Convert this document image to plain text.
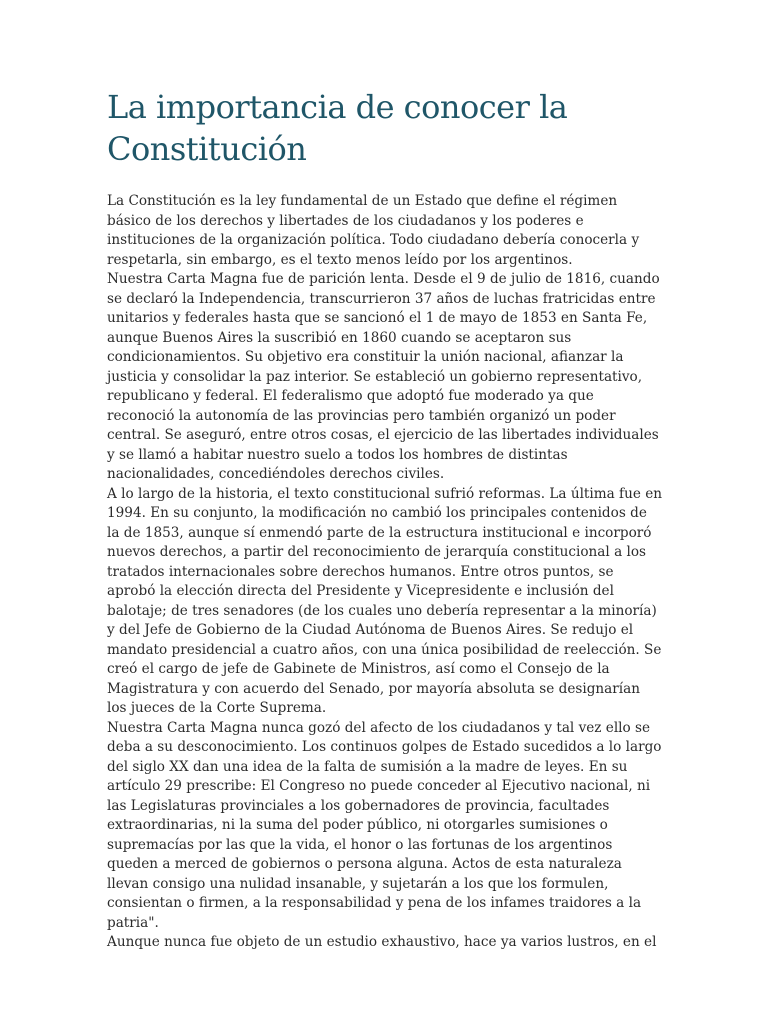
La importancia de conocer la Constitución

La Constitución es la ley fundamental de un Estado que define el régimen básico de los derechos y libertades de los ciudadanos y los poderes e instituciones de la organización política. Todo ciudadano debería conocerla y respetarla, sin embargo, es el texto menos leído por los argentinos.

Nuestra Carta Magna fue de parición lenta. Desde el 9 de julio de 1816, cuando se declaró la Independencia, transcurrieron 37 años de luchas fratricidas entre unitarios y federales hasta que se sancionó el 1 de mayo de 1853 en Santa Fe, aunque Buenos Aires la suscribió en 1860 cuando se aceptaron sus condicionamientos. Su objetivo era constituir la unión nacional, afianzar la justicia y consolidar la paz interior. Se estableció un gobierno representativo, republicano y federal. El federalismo que adoptó fue moderado ya que reconoció la autonomía de las provincias pero también organizó un poder central. Se aseguró, entre otros cosas, el ejercicio de las libertades individuales y se llamó a habitar nuestro suelo a todos los hombres de distintas nacionalidades, concediéndoles derechos civiles.

A lo largo de la historia, el texto constitucional sufrió reformas. La última fue en 1994. En su conjunto, la modificación no cambió los principales contenidos de la de 1853, aunque sí enmendó parte de la estructura institucional e incorporó nuevos derechos, a partir del reconocimiento de jerarquía constitucional a los tratados internacionales sobre derechos humanos. Entre otros puntos, se aprobó la elección directa del Presidente y Vicepresidente e inclusión del balotaje; de tres senadores (de los cuales uno debería representar a la minoría) y del Jefe de Gobierno de la Ciudad Autónoma de Buenos Aires. Se redujo el mandato presidencial a cuatro años, con una única posibilidad de reelección. Se creó el cargo de jefe de Gabinete de Ministros, así como el Consejo de la Magistratura y con acuerdo del Senado, por mayoría absoluta se designarían los jueces de la Corte Suprema.

Nuestra Carta Magna nunca gozó del afecto de los ciudadanos y tal vez ello se deba a su desconocimiento. Los continuos golpes de Estado sucedidos a lo largo del siglo XX dan una idea de la falta de sumisión a la madre de leyes. En su artículo 29 prescribe: El Congreso no puede conceder al Ejecutivo nacional, ni las Legislaturas provinciales a los gobernadores de provincia, facultades extraordinarias, ni la suma del poder público, ni otorgarles sumisiones o supremacías por las que la vida, el honor o las fortunas de los argentinos queden a merced de gobiernos o persona alguna. Actos de esta naturaleza llevan consigo una nulidad insanable, y sujetarán a los que los formulen, consientan o firmen, a la responsabilidad y pena de los infames traidores a la patria".

Aunque nunca fue objeto de un estudio exhaustivo, hace ya varios lustros, en el
